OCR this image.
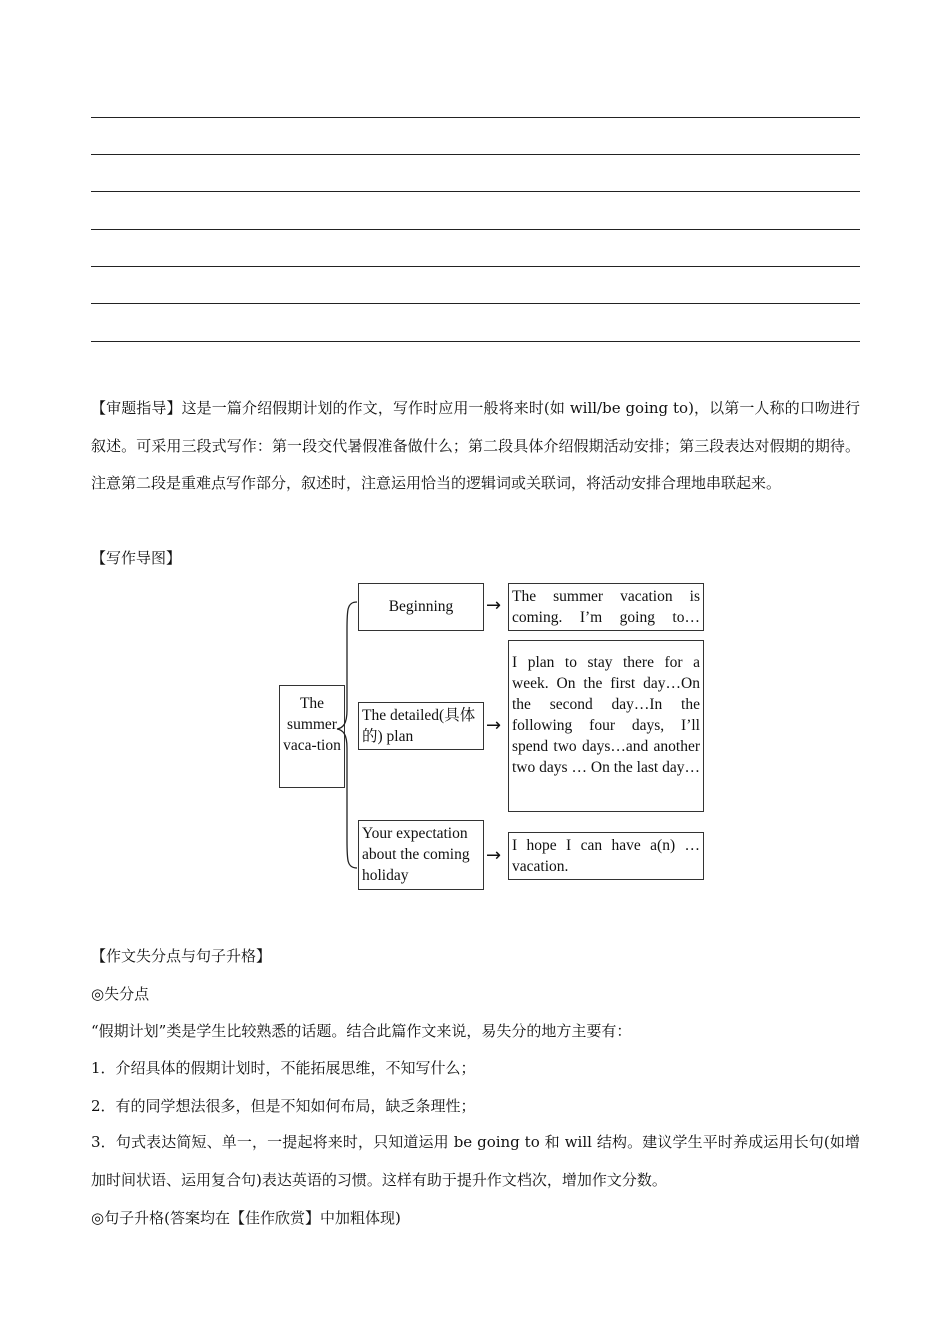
【审题指导】这是一篇介绍假期计划的作文，写作时应用一般将来时(如 will/be going to)，以第一人称的口吻进行叙述。可采用三段式写作：第一段交代暑假准备做什么；第二段具体介绍假期活动安排；第三段表达对假期的期待。注意第二段是重难点写作部分，叙述时，注意运用恰当的逻辑词或关联词，将活动安排合理地串联起来。
【写作导图】
The summer vaca-tion
Beginning	→ The summer vacation is coming. I’m going to…
The detailed(具体的) plan
→
I plan to stay there for a week. On the first day…On the second day…In the following four days, I’ll spend two days…and another two days … On the last day…
Your expectation about the coming holiday
→ I hope I can have a(n) …vacation.
【作文失分点与句子升格】
◎失分点
“假期计划”类是学生比较熟悉的话题。结合此篇作文来说，易失分的地方主要有：
1．介绍具体的假期计划时，不能拓展思维，不知写什么；
2．有的同学想法很多，但是不知如何布局，缺乏条理性；
3．句式表达简短、单一，一提起将来时，只知道运用 be going to 和 will 结构。建议学生平时养成运用长句(如增加时间状语、运用复合句)表达英语的习惯。这样有助于提升作文档次，增加作文分数。
◎句子升格(答案均在【佳作欣赏】中加粗体现)
